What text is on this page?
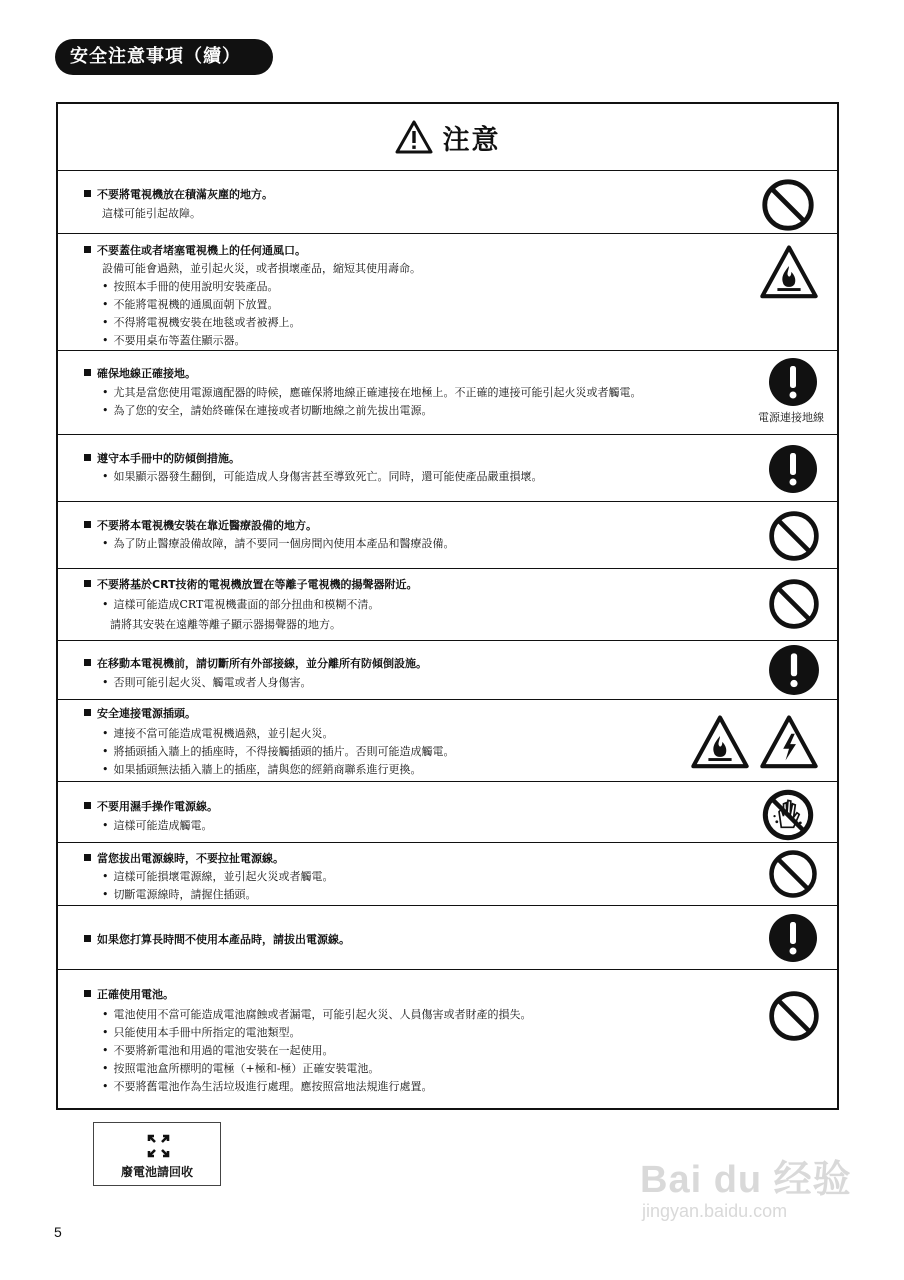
安全注意事項（續）
注意
不要將電視機放在積滿灰塵的地方。
這樣可能引起故障。
不要蓋住或者堵塞電視機上的任何通風口。
設備可能會過熱，並引起火災，或者損壞產品，縮短其使用壽命。
• 按照本手冊的使用說明安裝產品。
• 不能將電視機的通風面朝下放置。
• 不得將電視機安裝在地毯或者被褥上。
• 不要用桌布等蓋住顯示器。
確保地線正確接地。
• 尤其是當您使用電源適配器的時候，應確保將地線正確連接在地極上。不正確的連接可能引起火災或者觸電。
• 為了您的安全，請始終確保在連接或者切斷地線之前先拔出電源。
電源連接地線
遵守本手冊中的防傾倒措施。
• 如果顯示器發生翻倒，可能造成人身傷害甚至導致死亡。同時，還可能使產品嚴重損壞。
不要將本電視機安裝在靠近醫療設備的地方。
• 為了防止醫療設備故障，請不要同一個房間內使用本產品和醫療設備。
不要將基於CRT技術的電視機放置在等離子電視機的揚聲器附近。
• 這樣可能造成CRT電視機畫面的部分扭曲和模糊不清。
請將其安裝在遠離等離子顯示器揚聲器的地方。
在移動本電視機前，請切斷所有外部接線，並分離所有防傾倒設施。
• 否則可能引起火災、觸電或者人身傷害。
安全連接電源插頭。
• 連接不當可能造成電視機過熱，並引起火災。
• 將插頭插入牆上的插座時，不得接觸插頭的插片。否則可能造成觸電。
• 如果插頭無法插入牆上的插座，請與您的經銷商聯系進行更換。
不要用濕手操作電源線。
• 這樣可能造成觸電。
當您拔出電源線時，不要拉扯電源線。
• 這樣可能損壞電源線，並引起火災或者觸電。
• 切斷電源線時，請握住插頭。
如果您打算長時間不使用本產品時，請拔出電源線。
正確使用電池。
• 電池使用不當可能造成電池腐蝕或者漏電，可能引起火災、人員傷害或者財產的損失。
• 只能使用本手冊中所指定的電池類型。
• 不要將新電池和用過的電池安裝在一起使用。
• 按照電池盒所標明的電極（+極和-極）正確安裝電池。
• 不要將舊電池作為生活垃圾進行處理。應按照當地法規進行處置。
廢電池請回收
5
Bai du 经验
jingyan.baidu.com
